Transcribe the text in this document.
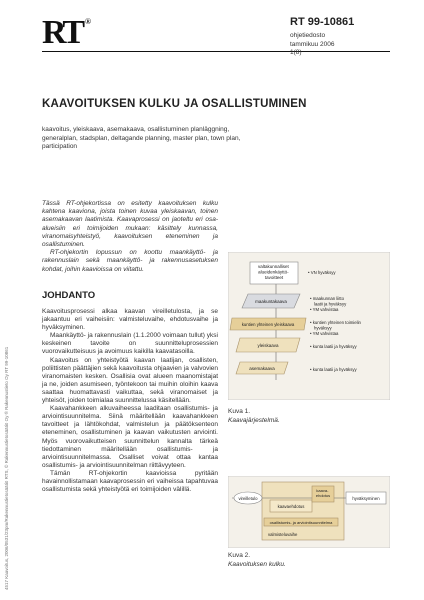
RT ®	RT 99-10861
ohjetiedosto
tammikuu 2006
1(8)
KAAVOITUKSEN KULKU JA OSALLISTUMINEN
kaavoitus, yleiskaava, asemakaava, osallistuminen planläggning, generalplan, stadsplan, deltagande planning, master plan, town plan, participation

Tässä RT-ohjekortissa on esitetty kaavoituksen kulku kahtena kaaviona, joista toinen kuvaa yleiskaavan, toinen asemakaavan laatimista. Kaavaprosessi on jaoteltu eri osa-alueisiin eri toimijoiden mukaan: käsittely kunnassa, viranomaisyhteistyö, kaavoituksen eteneminen ja osallistuminen.

RT-ohjekortin lopussun on koottu maankäyttö- ja rakennuslain sekä maankäyttö- ja rakennusasetuksen kohdat, joihin kaavioissa on viitattu.

JOHDANTO

Kaavoitusprosessi alkaa kaavan vireilletulosta, ja se jakaantuu eri vaiheisiin: valmisteluvaihe, ehdotusvaihe ja hyväksyminen.

Maankäyttö- ja rakennuslain (1.1.2000 voimaan tullut) yksi keskeinen tavoite on suunnitteluprosessien vuorovaikutteisuus ja avoimuus kaikilla kaavatasoilla.

Kaavoitus on yhteistyötä kaavan laatijan, osallisten, poliittisten päättäjien sekä kaavoitusta ohjaavien ja valvovien viranomaisten kesken. Osallisia ovat alueen maanomistajat ja ne, joiden asumiseen, työntekoon tai muihin oloihin kaava saattaa huomattavasti vaikuttaa, sekä viranomaiset ja yhteisöt, joiden toimialaa suunnittelussa käsitellään.

Kaavahankkeen alkuvaiheessa laaditaan osallistumis- ja arviointisuunnitelma. Siinä määritellään kaavahankkeen tavoitteet ja lähtökohdat, valmistelun ja päätöksenteon eteneminen, osallistuminen ja kaavan vaikutusten arviointi. Myös vuorovaikutteisen suunnittelun kannalta tärkeä tiedottaminen määritellään osallistumis- ja arviointisuunnitelmassa. Osalliset voivat ottaa kantaa osallistumis- ja arviointisuunnitelman riittävyyteen.

Tämän RT-ohjekortin kaavioissa pyritään havainnollistamaan kaavaprosessin eri vaiheissa tapahtuvaa osallistumista sekä yhteistyötä eri toimijoiden välillä.

4517 Kaavoitus, 2006/0531/23pm/Rakennustietosäätiö RTS, © Rakennustietosäätiö Oy ® Rakennustieto Oy RT 99-10861
valtakunnalliset alueidenkäyttö- tavoitteet
maakuntakaava
kuntien yhteinen yleiskaava
yleiskaava
asemakaava
• VN hyväksyy
• maakunnan liitto
laatii ja hyväksyy
• YM vahvistaa
• kuntien yhteinen toimielin
hyväksyy
• YM vahvistaa
• kunta laatii ja hyväksyy
• kunta laatii ja hyväksyy
Kuva 1.
Kaavajärjestelmä.
vireilletulo
kaavaehdotus
kaava- ehdotus
hyväksyminen
osallistumis- ja arviointisuunnitelma
valmisteluvaihe
Kuva 2.
Kaavoituksen kulku.
